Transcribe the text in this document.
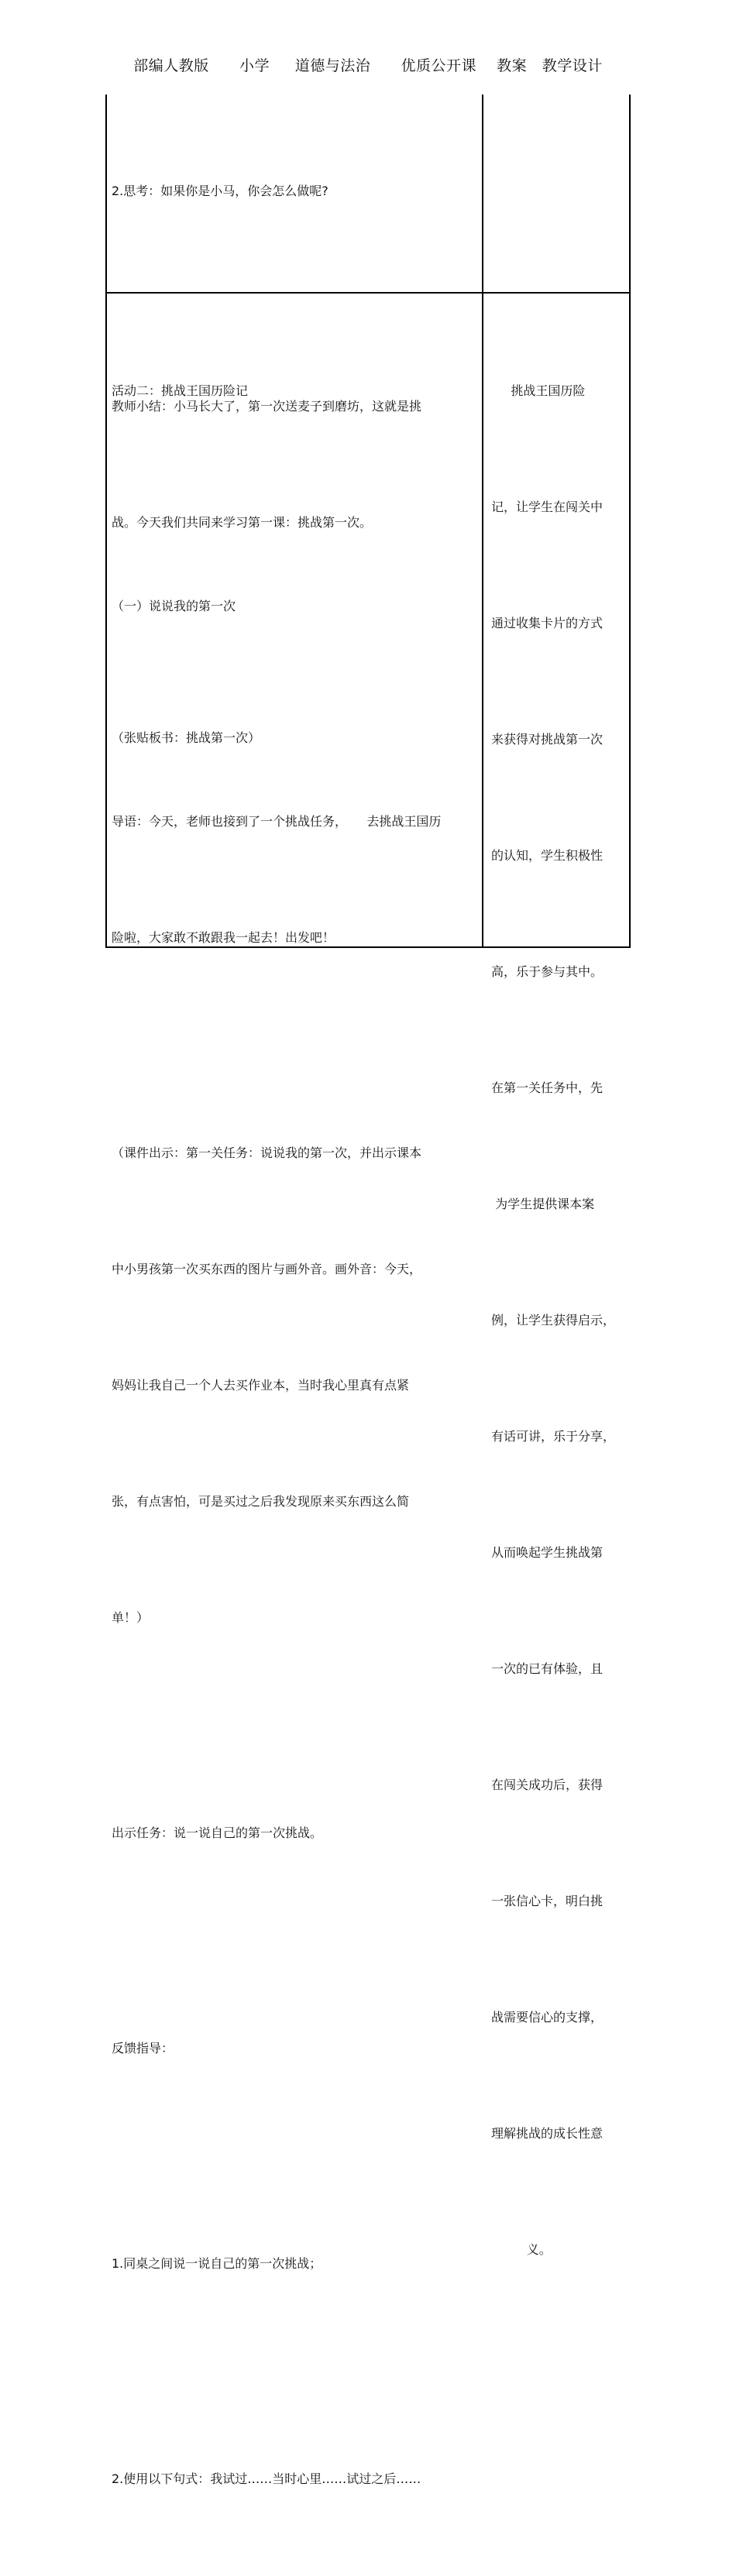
部编人教版      小学     道德与法治      优质公开课    教案   教学设计

2.思考：如果你是小马，你会怎么做呢?

教师小结：小马长大了，第一次送麦子到磨坊，这就是挑

战。今天我们共同来学习第一课：挑战第一次。

（张贴板书：挑战第一次）

活动二：挑战王国历险记

（一）说说我的第一次

导语：今天，老师也接到了一个挑战任务，     去挑战王国历

险啦，大家敢不敢跟我一起去！出发吧！

（课件出示：第一关任务：说说我的第一次，并出示课本

中小男孩第一次买东西的图片与画外音。画外音：今天，

妈妈让我自己一个人去买作业本，当时我心里真有点紧

张，有点害怕，可是买过之后我发现原来买东西这么简

单！）

出示任务：说一说自己的第一次挑战。

反馈指导：

1.同桌之间说一说自己的第一次挑战；

2.使用以下句式：我试过……当时心里……试过之后……

挑战王国历险

记，让学生在闯关中

通过收集卡片的方式

来获得对挑战第一次

的认知，学生积极性

高，乐于参与其中。

在第一关任务中，先

为学生提供课本案

例，让学生获得启示，

有话可讲，乐于分享，

从而唤起学生挑战第

一次的已有体验，且

在闯关成功后，获得

一张信心卡，明白挑

战需要信心的支撑，

理解挑战的成长性意

义。
